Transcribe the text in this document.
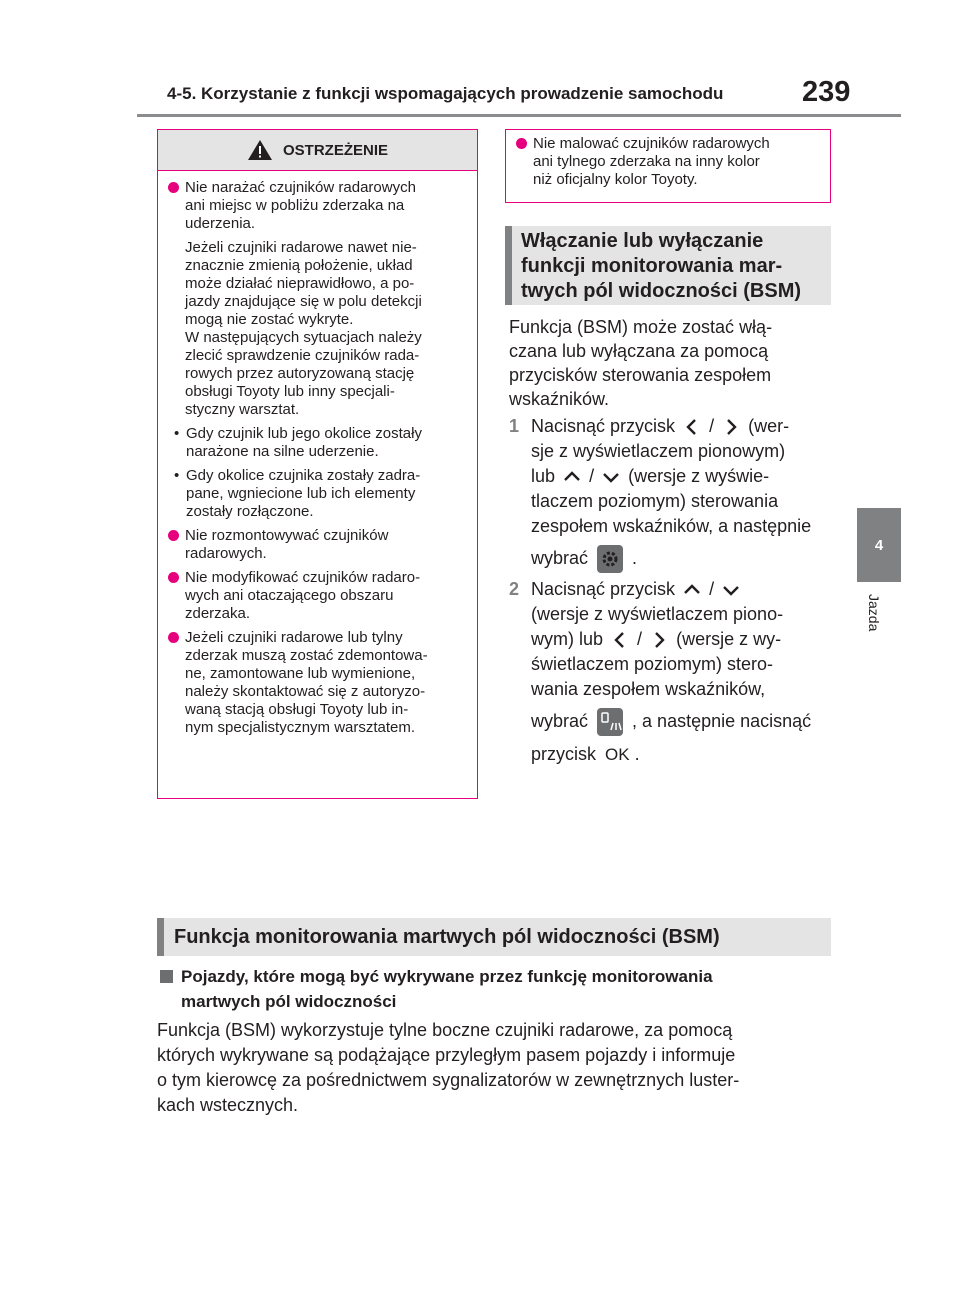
4-5. Korzystanie z funkcji wspomagających prowadzenie samochodu	239
4
Jazda
OSTRZEŻENIE
Nie narażać czujników radarowych
ani miejsc w pobliżu zderzaka na
uderzenia.
Jeżeli czujniki radarowe nawet nie-
znacznie zmienią położenie, układ
może działać nieprawidłowo, a po-
jazdy znajdujące się w polu detekcji
mogą nie zostać wykryte.
W następujących sytuacjach należy
zlecić sprawdzenie czujników rada-
rowych przez autoryzowaną stację
obsługi Toyoty lub inny specjali-
styczny warsztat.
• Gdy czujnik lub jego okolice zostały
narażone na silne uderzenie.
• Gdy okolice czujnika zostały zadra-
pane, wgniecione lub ich elementy
zostały rozłączone.
Nie rozmontowywać czujników
radarowych.
Nie modyfikować czujników radaro-
wych ani otaczającego obszaru
zderzaka.
Jeżeli czujniki radarowe lub tylny
zderzak muszą zostać zdemontowa-
ne, zamontowane lub wymienione,
należy skontaktować się z autoryzo-
waną stacją obsługi Toyoty lub in-
nym specjalistycznym warsztatem.
Nie malować czujników radarowych
ani tylnego zderzaka na inny kolor
niż oficjalny kolor Toyoty.
Włączanie lub wyłączanie
funkcji monitorowania mar-
twych pól widoczności (BSM)
Funkcja (BSM) może zostać włą-
czana lub wyłączana za pomocą
przycisków sterowania zespołem
wskaźników.
1 Nacisnąć przycisk / (wer-
sje z wyświetlaczem pionowym)
lub / (wersje z wyświe-
tlaczem poziomym) sterowania
zespołem wskaźników, a następnie
wybrać .
2 Nacisnąć przycisk /
(wersje z wyświetlaczem piono-
wym) lub / (wersje z wy-
świetlaczem poziomym) stero-
wania zespołem wskaźników,
wybrać , a następnie nacisnąć
przycisk OK .
Funkcja monitorowania martwych pól widoczności (BSM)
Pojazdy, które mogą być wykrywane przez funkcję monitorowania
martwych pól widoczności
Funkcja (BSM) wykorzystuje tylne boczne czujniki radarowe, za pomocą
których wykrywane są podążające przyległym pasem pojazdy i informuje
o tym kierowcę za pośrednictwem sygnalizatorów w zewnętrznych luster-
kach wstecznych.
